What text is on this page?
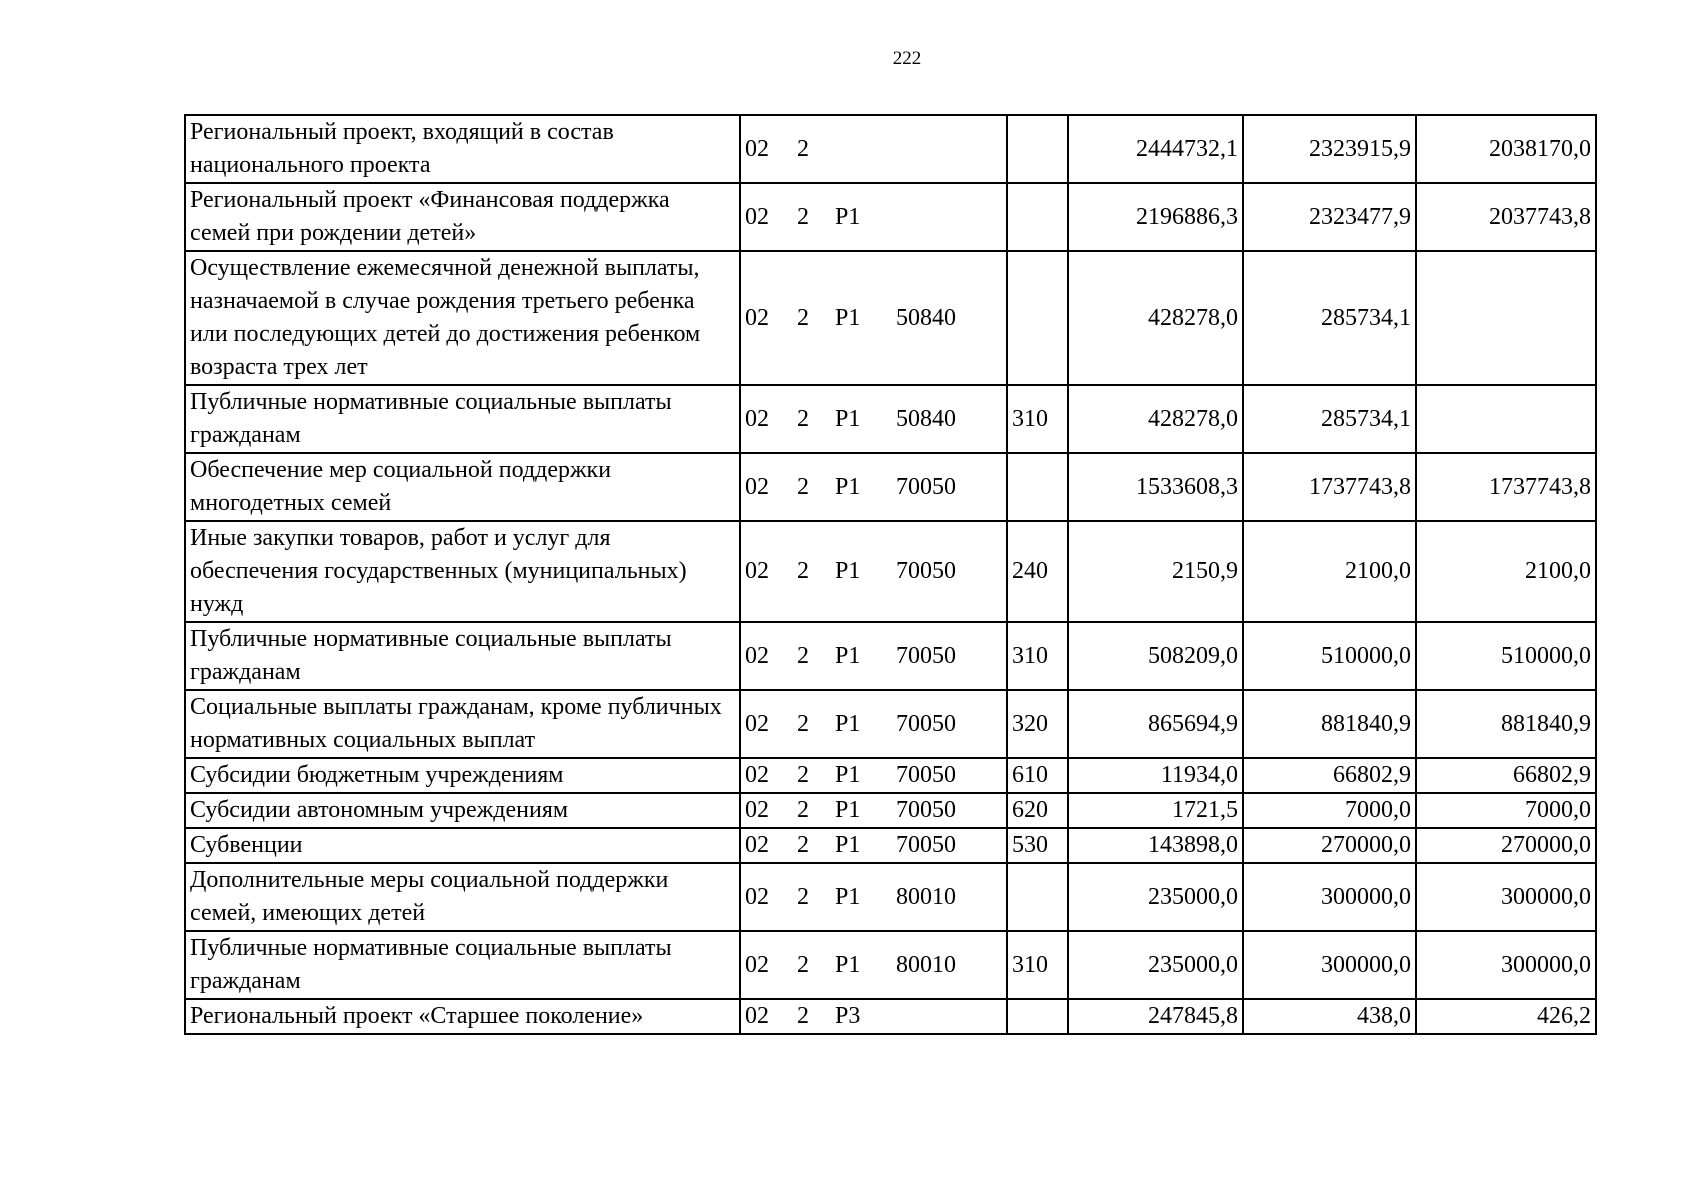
222
Региональный проект, входящий в состав национального проекта	02 2		2444732,1	2323915,9	2038170,0
Региональный проект «Финансовая поддержка семей при рождении детей»	02 2 P1		2196886,3	2323477,9	2037743,8
Осуществление ежемесячной денежной выплаты, назначаемой в случае рождения третьего ребенка или последующих детей до достижения ребенком возраста трех лет	02 2 P1 50840		428278,0	285734,1	
Публичные нормативные социальные выплаты гражданам	02 2 P1 50840	310	428278,0	285734,1	
Обеспечение мер социальной поддержки многодетных семей	02 2 P1 70050		1533608,3	1737743,8	1737743,8
Иные закупки товаров, работ и услуг для обеспечения государственных (муниципальных) нужд	02 2 P1 70050	240	2150,9	2100,0	2100,0
Публичные нормативные социальные выплаты гражданам	02 2 P1 70050	310	508209,0	510000,0	510000,0
Социальные выплаты гражданам, кроме публичных нормативных социальных выплат	02 2 P1 70050	320	865694,9	881840,9	881840,9
Субсидии бюджетным учреждениям	02 2 P1 70050	610	11934,0	66802,9	66802,9
Субсидии автономным учреждениям	02 2 P1 70050	620	1721,5	7000,0	7000,0
Субвенции	02 2 P1 70050	530	143898,0	270000,0	270000,0
Дополнительные меры социальной поддержки семей, имеющих детей	02 2 P1 80010		235000,0	300000,0	300000,0
Публичные нормативные социальные выплаты гражданам	02 2 P1 80010	310	235000,0	300000,0	300000,0
Региональный проект «Старшее поколение»	02 2 P3		247845,8	438,0	426,2
